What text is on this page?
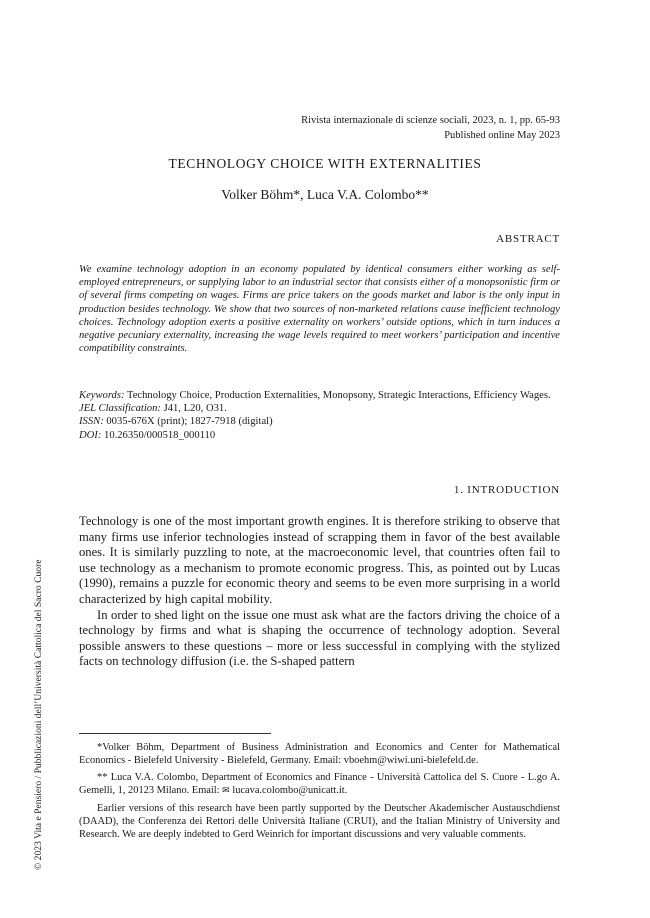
Rivista internazionale di scienze sociali, 2023, n. 1, pp. 65-93
Published online May 2023
TECHNOLOGY CHOICE WITH EXTERNALITIES
Volker Böhm*, Luca V.A. Colombo**
ABSTRACT
We examine technology adoption in an economy populated by identical consumers either working as self-employed entrepreneurs, or supplying labor to an industrial sector that consists either of a monopsonistic firm or of several firms competing on wages. Firms are price takers on the goods market and labor is the only input in production besides technology. We show that two sources of non-marketed relations cause inefficient technology choices. Technology adoption exerts a positive externality on workers’ outside options, which in turn induces a negative pecuniary externality, increasing the wage levels required to meet workers’ participation and incentive compatibility constraints.
Keywords: Technology Choice, Production Externalities, Monopsony, Strategic Interactions, Efficiency Wages.
JEL Classification: J41, L20, O31.
ISSN: 0035-676X (print); 1827-7918 (digital)
DOI: 10.26350/000518_000110
1. INTRODUCTION

Technology is one of the most important growth engines. It is therefore striking to observe that many firms use inferior technologies instead of scrapping them in favor of the best available ones. It is similarly puzzling to note, at the macroeconomic level, that countries often fail to use technology as a mechanism to promote economic progress. This, as pointed out by Lucas (1990), remains a puzzle for economic theory and seems to be even more surprising in a world characterized by high capital mobility.

In order to shed light on the issue one must ask what are the factors driving the choice of a technology by firms and what is shaping the occurrence of technology adoption. Several possible answers to these questions – more or less successful in complying with the stylized facts on technology diffusion (i.e. the S-shaped pattern

*Volker Böhm, Department of Business Administration and Economics and Center for Mathematical Economics - Bielefeld University - Bielefeld, Germany. Email: vboehm@wiwi.uni-bielefeld.de.

** Luca V.A. Colombo, Department of Economics and Finance - Università Cattolica del S. Cuore - L.go A. Gemelli, 1, 20123 Milano. Email: ✉ lucava.colombo@unicatt.it.

Earlier versions of this research have been partly supported by the Deutscher Akademischer Austauschdienst (DAAD), the Conferenza dei Rettori delle Università Italiane (CRUI), and the Italian Ministry of University and Research. We are deeply indebted to Gerd Weinrich for important discussions and very valuable comments.

© 2023 Vita e Pensiero / Pubblicazioni dell’Università Cattolica del Sacro Cuore
